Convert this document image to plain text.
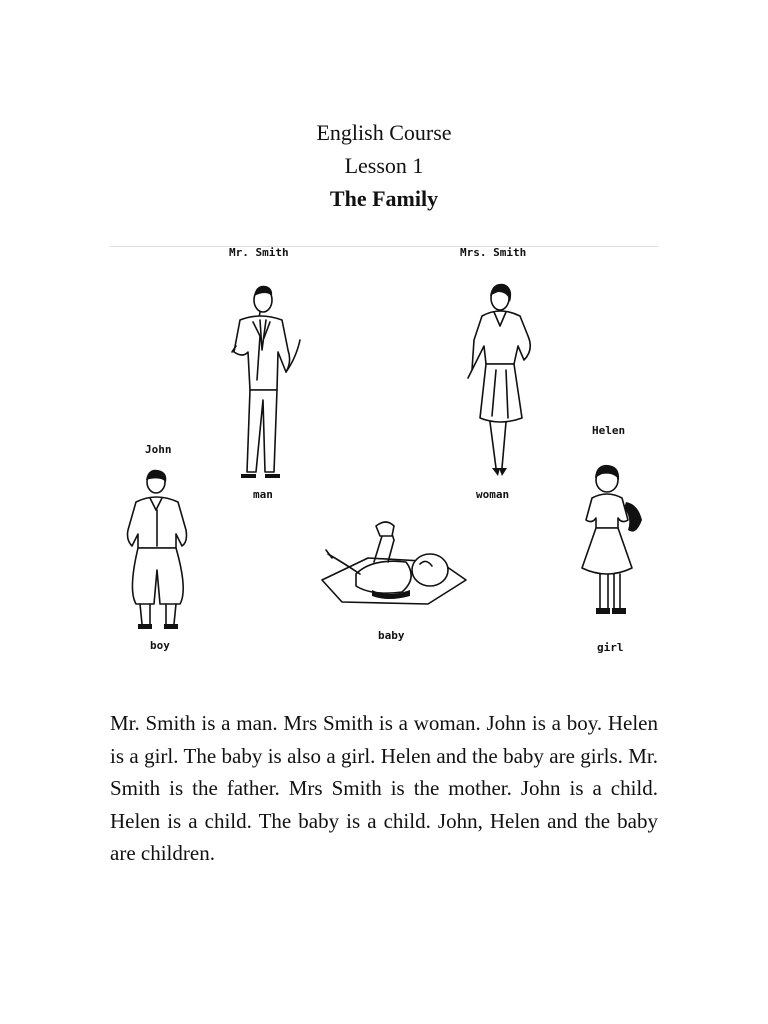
English Course
Lesson 1
The Family
Mr. Smith	Mrs. Smith
Helen
John
man	woman
boy
baby
girl

Mr. Smith is a man. Mrs Smith is a woman. John is a boy. Helen is a girl. The baby is also a girl. Helen and the baby are girls. Mr. Smith is the father. Mrs Smith is the mother. John is a child. Helen is a child. The baby is a child. John, Helen and the baby are children.
